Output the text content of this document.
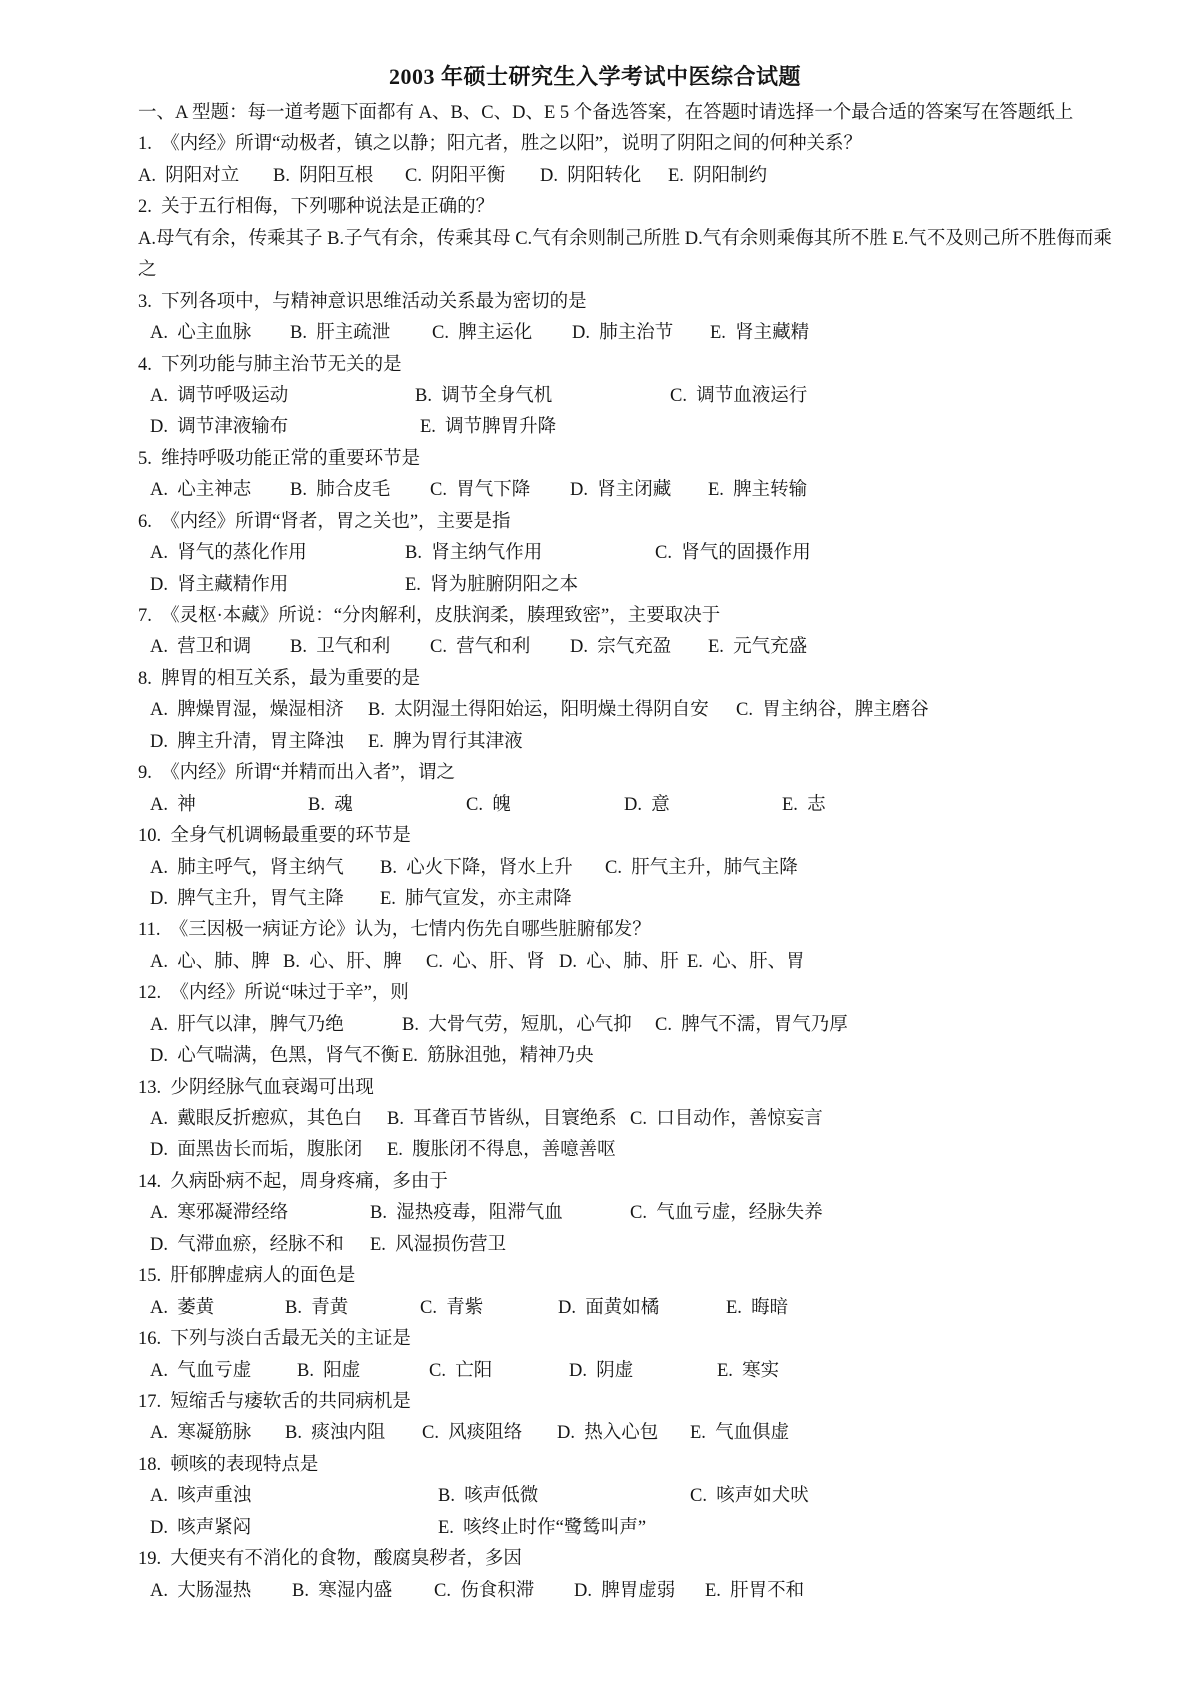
2003 年硕士研究生入学考试中医综合试题
一、A 型题：每一道考题下面都有 A、B、C、D、E 5 个备选答案，在答题时请选择一个最合适的答案写在答题纸上
1.  《内经》所谓“动极者，镇之以静；阳亢者，胜之以阳”，说明了阴阳之间的何种关系？
A.  阴阳对立 B.  阴阳互根 C.  阴阳平衡 D.  阴阳转化 E.  阴阳制约
2.  关于五行相侮，下列哪种说法是正确的？
A.母气有余，传乘其子 B.子气有余，传乘其母 C.气有余则制己所胜 D.气有余则乘侮其所不胜 E.气不及则己所不胜侮而乘
之
3.  下列各项中，与精神意识思维活动关系最为密切的是
A.  心主血脉 B.  肝主疏泄 C.  脾主运化 D.  肺主治节 E.  肾主藏精
4.  下列功能与肺主治节无关的是
A.  调节呼吸运动	B.  调节全身气机	C.  调节血液运行
D.  调节津液输布	E.  调节脾胃升降
5.  维持呼吸功能正常的重要环节是
A.  心主神志 B.  肺合皮毛 C.  胃气下降 D.  肾主闭藏 E.  脾主转输
6.  《内经》所谓“肾者，胃之关也”，主要是指
A.  肾气的蒸化作用	B.  肾主纳气作用	C.  肾气的固摄作用
D.  肾主藏精作用	E.  肾为脏腑阴阳之本
7.  《灵枢·本藏》所说：“分肉解利，皮肤润柔，腠理致密”，主要取决于
A.  营卫和调 B.  卫气和利 C.  营气和利 D.  宗气充盈 E.  元气充盛
8.  脾胃的相互关系，最为重要的是
A.  脾燥胃湿，燥湿相济 B.  太阴湿土得阳始运，阳明燥土得阴自安 C.  胃主纳谷，脾主磨谷
D.  脾主升清，胃主降浊 E.  脾为胃行其津液
9.  《内经》所谓“并精而出入者”，谓之
A.  神	B.  魂	C.  魄	D.  意	E.  志
10.  全身气机调畅最重要的环节是
A.  肺主呼气，肾主纳气 B.  心火下降，肾水上升 C.  肝气主升，肺气主降
D.  脾气主升，胃气主降 E.  肺气宣发，亦主肃降
11.  《三因极一病证方论》认为，七情内伤先自哪些脏腑郁发？
A.  心、肺、脾 B.  心、肝、脾 C.  心、肝、肾 D.  心、肺、肝 E.  心、肝、胃
12.  《内经》所说“味过于辛”，则
A.  肝气以津，脾气乃绝	B.  大骨气劳，短肌，心气抑 C.  脾气不濡，胃气乃厚
D.  心气喘满，色黑，肾气不衡 E.  筋脉沮弛，精神乃央
13.  少阴经脉气血衰竭可出现
A.  戴眼反折瘛疭，其色白 B.  耳聋百节皆纵，目寰绝系 C.  口目动作，善惊妄言
D.  面黑齿长而垢，腹胀闭 E.  腹胀闭不得息，善噫善呕
14.  久病卧病不起，周身疼痛，多由于
A.  寒邪凝滞经络	B.  湿热疫毒，阻滞气血	C.  气血亏虚，经脉失养
D.  气滞血瘀，经脉不和 E.  风湿损伤营卫
15.  肝郁脾虚病人的面色是
A.  萎黄	B.  青黄	C.  青紫	D.  面黄如橘	E.  晦暗
16.  下列与淡白舌最无关的主证是
A.  气血亏虚 B.  阳虚	C.  亡阳	D.  阴虚	E.  寒实
17.  短缩舌与痿软舌的共同病机是
A.  寒凝筋脉 B.  痰浊内阻 C.  风痰阻络 D.  热入心包 E.  气血俱虚
18.  顿咳的表现特点是
A.  咳声重浊	B.  咳声低微	C.  咳声如犬吠
D.  咳声紧闷	E.  咳终止时作“鹭鸶叫声”
19.  大便夹有不消化的食物，酸腐臭秽者，多因
A.  大肠湿热 B.  寒湿内盛 C.  伤食积滞 D.  脾胃虚弱 E.  肝胃不和
